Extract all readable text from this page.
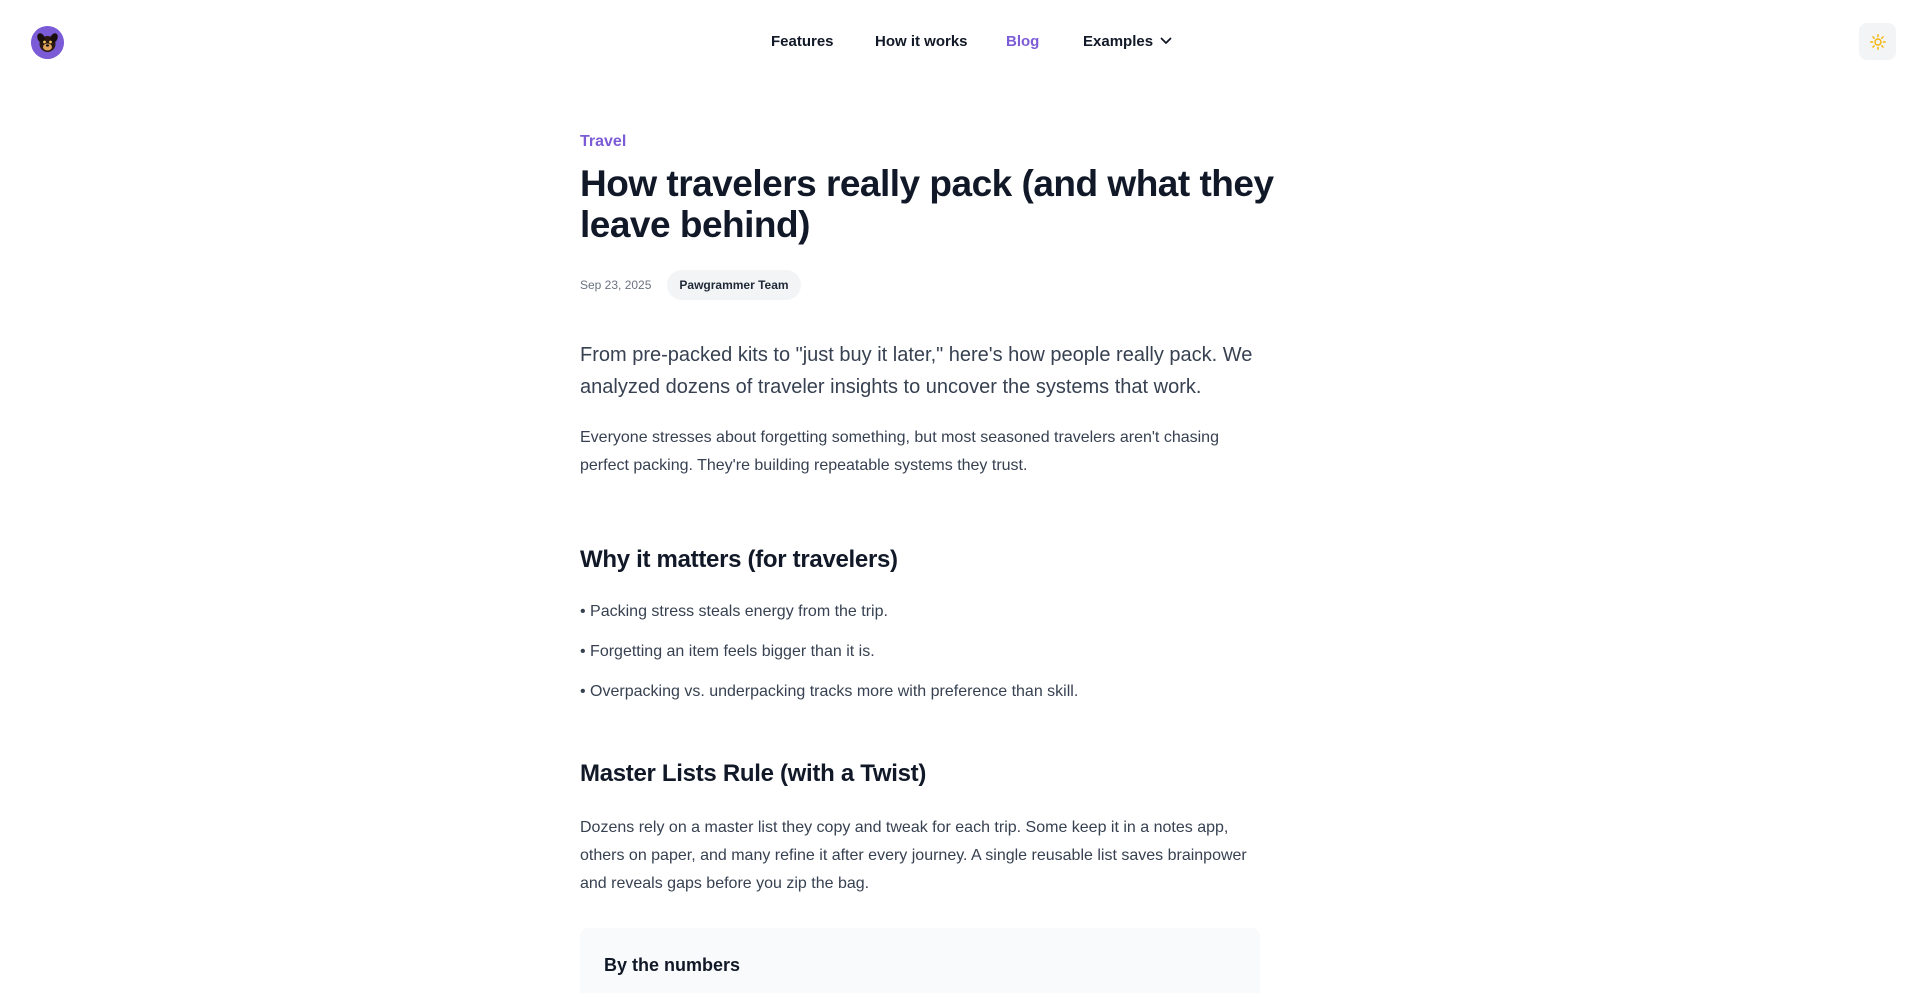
Features	How it works	Blog	Examples
Travel
How travelers really pack (and what they leave behind)
Sep 23, 2025	Pawgrammer Team

From pre-packed kits to "just buy it later," here's how people really pack. We analyzed dozens of traveler insights to uncover the systems that work.

Everyone stresses about forgetting something, but most seasoned travelers aren't chasing perfect packing. They're building repeatable systems they trust.

Why it matters (for travelers)

• Packing stress steals energy from the trip.

• Forgetting an item feels bigger than it is.

• Overpacking vs. underpacking tracks more with preference than skill.

Master Lists Rule (with a Twist)

Dozens rely on a master list they copy and tweak for each trip. Some keep it in a notes app, others on paper, and many refine it after every journey. A single reusable list saves brainpower and reveals gaps before you zip the bag.

By the numbers
